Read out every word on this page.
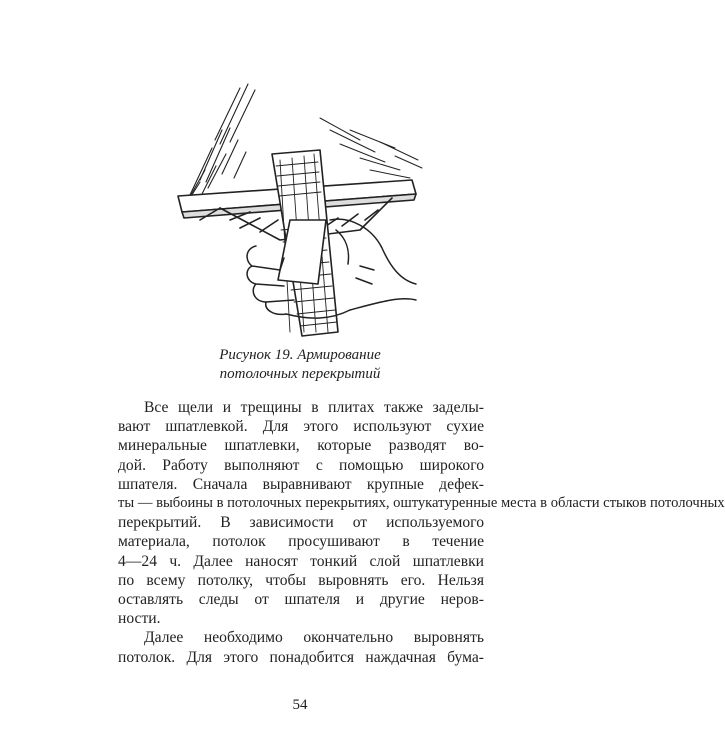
Рисунок 19. Армирование
потолочных перекрытий
Все щели и трещины в плитах также заделы-
вают шпатлевкой. Для этого используют сухие
минеральные шпатлевки, которые разводят во-
дой. Работу выполняют с помощью широкого
шпателя. Сначала выравнивают крупные дефек-
ты — выбоины в потолочных перекрытиях, оштукатуренные места в области стыков потолочных
перекрытий. В зависимости от используемого
материала, потолок просушивают в течение
4—24 ч. Далее наносят тонкий слой шпатлевки
по всему потолку, чтобы выровнять его. Нельзя
оставлять следы от шпателя и другие неров-
ности.
Далее необходимо окончательно выровнять
потолок. Для этого понадобится наждачная бума-
54
